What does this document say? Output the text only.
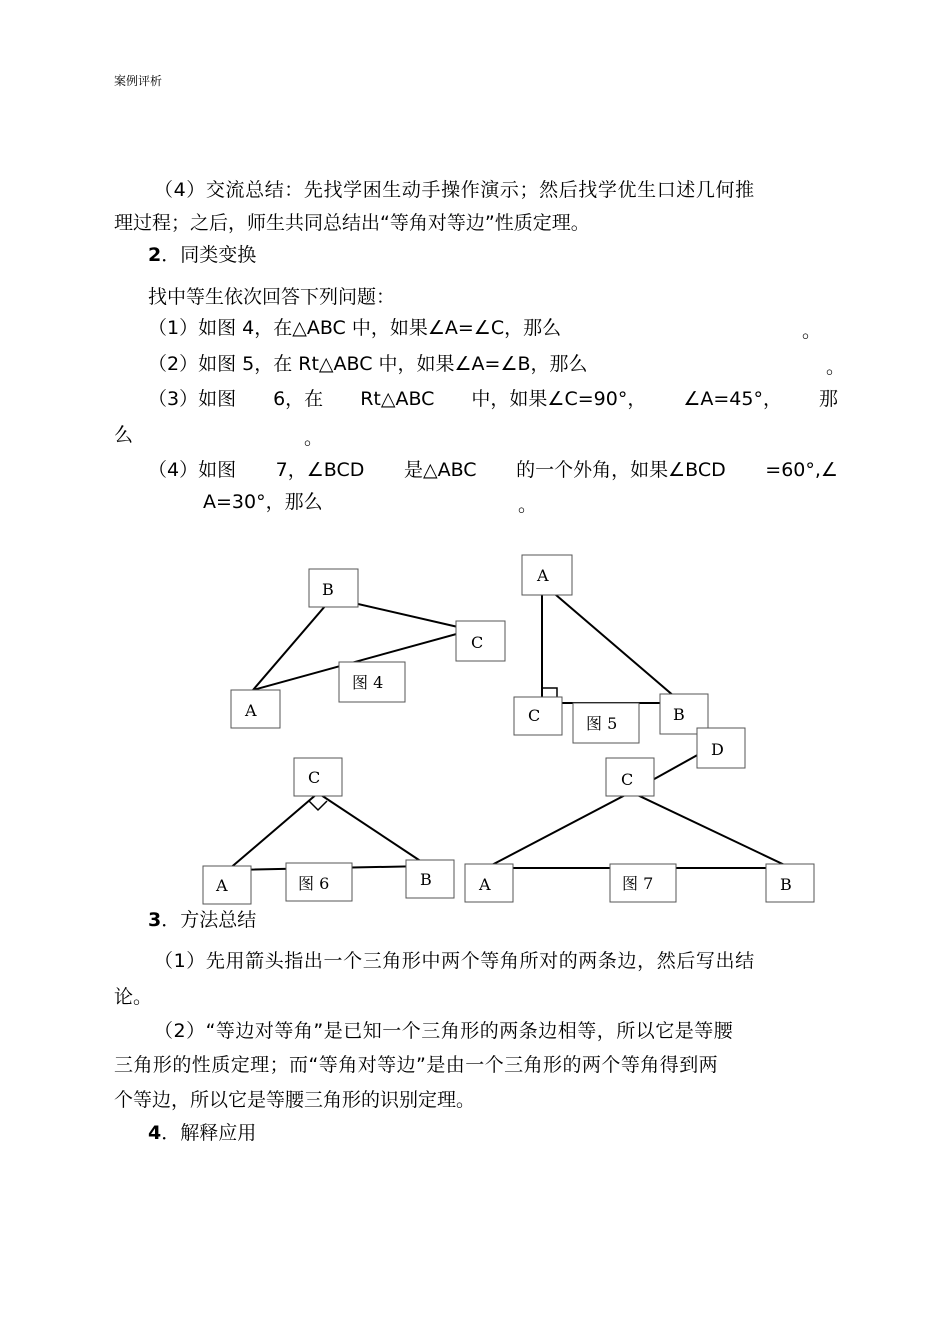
案例评析
（4）交流总结：先找学困生动手操作演示；然后找学优生口述几何推
理过程；之后，师生共同总结出“等角对等边”性质定理。
2．同类变换
找中等生依次回答下列问题：
（1）如图 4，在△ABC 中，如果∠A=∠C，那么	。
（2）如图 5，在 Rt△ABC 中，如果∠A=∠B，那么	。
（3）如图 6，在 Rt△ABC 中，如果∠C=90°， ∠A=45°， 那
么	。
（4）如图 7，∠BCD 是△ABC 的一个外角，如果∠BCD =60°,∠
A=30°，那么	。
B
C
A
图 4
A
C	B
图 5
C
A	B
图 6
D
C
A	B
图 7
3．方法总结
（1）先用箭头指出一个三角形中两个等角所对的两条边，然后写出结
论。
（2）“等边对等角”是已知一个三角形的两条边相等，所以它是等腰
三角形的性质定理；而“等角对等边”是由一个三角形的两个等角得到两
个等边，所以它是等腰三角形的识别定理。
4．解释应用
